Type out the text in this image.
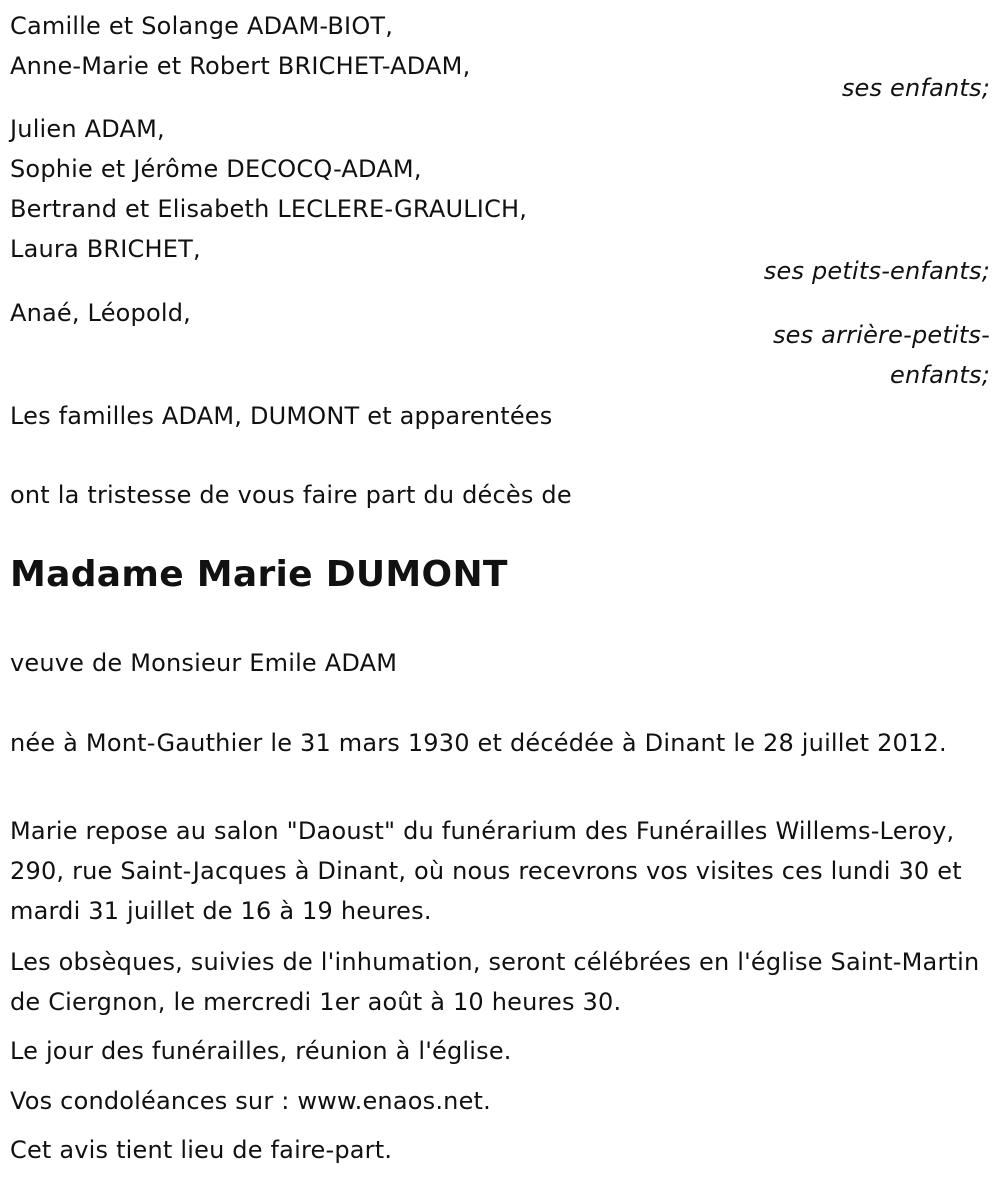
Camille et Solange ADAM-BIOT,
Anne-Marie et Robert BRICHET-ADAM,
ses enfants;
Julien ADAM,
Sophie et Jérôme DECOCQ-ADAM,
Bertrand et Elisabeth LECLERE-GRAULICH,
Laura BRICHET,
ses petits-enfants;
Anaé, Léopold,
ses arrière-petits-
enfants;
Les familles ADAM, DUMONT et apparentées
ont la tristesse de vous faire part du décès de
Madame Marie DUMONT
veuve de Monsieur Emile ADAM
née à Mont-Gauthier le 31 mars 1930 et décédée à Dinant le 28 juillet 2012.
Marie repose au salon "Daoust" du funérarium des Funérailles Willems-Leroy, 290, rue Saint-Jacques à Dinant, où nous recevrons vos visites ces lundi 30 et mardi 31 juillet de 16 à 19 heures.
Les obsèques, suivies de l'inhumation, seront célébrées en l'église Saint-Martin de Ciergnon, le mercredi 1er août à 10 heures 30.
Le jour des funérailles, réunion à l'église.
Vos condoléances sur : www.enaos.net.
Cet avis tient lieu de faire-part.
